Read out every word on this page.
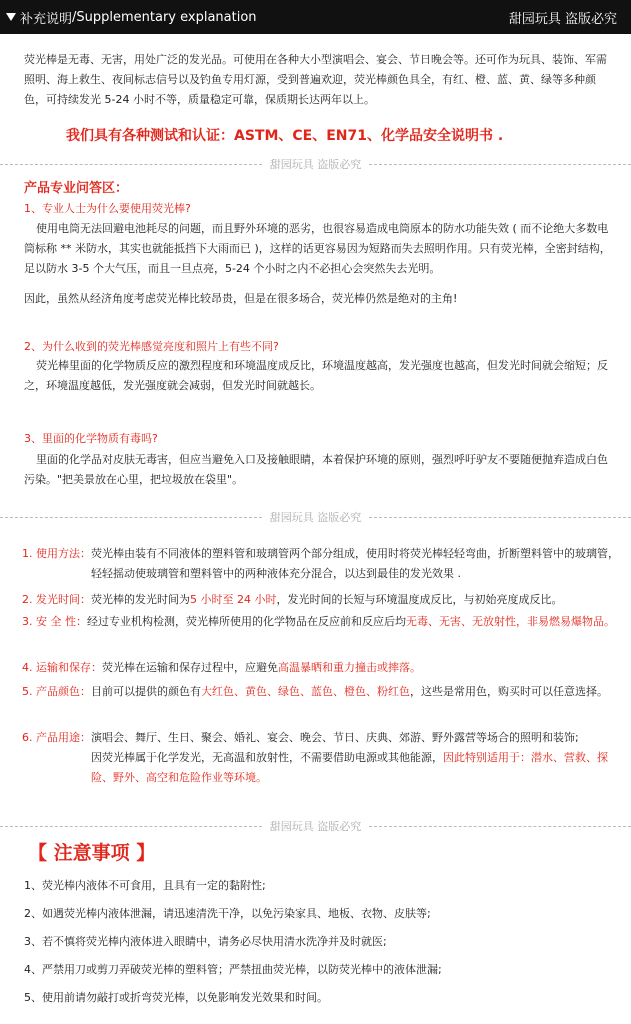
补充说明 /Supplementary explanation	甜园玩具 盗版必究
荧光棒是无毒、无害，用处广泛的发光品。可使用在各种大小型演唱会、宴会、节日晚会等。还可作为玩具、装饰、军需照明、海上救生、夜间标志信号以及钓鱼专用灯源，受到普遍欢迎，荧光棒颜色具全，有红、橙、蓝、黄、绿等多种颜色，可持续发光 5-24 小时不等，质量稳定可靠，保质期长达两年以上。
我们具有各种测试和认证：ASTM、CE、EN71、化学品安全说明书 .
甜园玩具 盗版必究
产品专业问答区：
1、专业人士为什么要使用荧光棒?
使用电筒无法回避电池耗尽的问题，而且野外环境的恶劣，也很容易造成电筒原本的防水功能失效 ( 而不论绝大多数电筒标称 ** 米防水，其实也就能抵挡下大雨而已 )，这样的话更容易因为短路而失去照明作用。只有荧光棒，全密封结构，足以防水 3-5 个大气压，而且一旦点亮，5-24 个小时之内不必担心会突然失去光明。
因此，虽然从经济角度考虑荧光棒比较昂贵，但是在很多场合，荧光棒仍然是绝对的主角!
2、为什么收到的荧光棒感觉亮度和照片上有些不同?
荧光棒里面的化学物质反应的激烈程度和环境温度成反比，环境温度越高，发光强度也越高，但发光时间就会缩短；反之，环境温度越低，发光强度就会减弱，但发光时间就越长。
3、里面的化学物质有毒吗?
里面的化学品对皮肤无毒害，但应当避免入口及接触眼睛，本着保护环境的原则，强烈呼吁驴友不要随便抛弃造成白色污染。"把美景放在心里，把垃圾放在袋里"。
甜园玩具 盗版必究
1. 使用方法： 荧光棒由装有不同液体的塑料管和玻璃管两个部分组成，使用时将荧光棒轻轻弯曲，折断塑料管中的玻璃管，轻轻摇动使玻璃管和塑料管中的两种液体充分混合，以达到最佳的发光效果 .
2. 发光时间： 荧光棒的发光时间为5 小时至 24 小时，发光时间的长短与环境温度成反比，与初始亮度成反比。
3. 安 全 性： 经过专业机构检测，荧光棒所使用的化学物品在反应前和反应后均无毒、无害、无放射性，非易燃易爆物品。
4. 运输和保存： 荧光棒在运输和保存过程中，应避免高温暴晒和重力撞击或摔落。
5. 产品颜色： 目前可以提供的颜色有大红色、黄色、绿色、蓝色、橙色、粉红色，这些是常用色，购买时可以任意选择。
6. 产品用途： 演唱会、舞厅、生日、聚会、婚礼、宴会、晚会、节日、庆典、郊游、野外露营等场合的照明和装饰;
因荧光棒属于化学发光，无高温和放射性，不需要借助电源或其他能源，因此特别适用于：潜水、营救、探险、野外、高空和危险作业等环境。
甜园玩具 盗版必究
【 注意事项 】
1、荧光棒内液体不可食用，且具有一定的黏附性;
2、如遇荧光棒内液体泄漏，请迅速清洗干净，以免污染家具、地板、衣物、皮肤等;
3、若不慎将荧光棒内液体进入眼睛中，请务必尽快用清水洗净并及时就医;
4、严禁用刀或剪刀弄破荧光棒的塑料管；严禁扭曲荧光棒，以防荧光棒中的液体泄漏;
5、使用前请勿敲打或折弯荧光棒，以免影响发光效果和时间。
